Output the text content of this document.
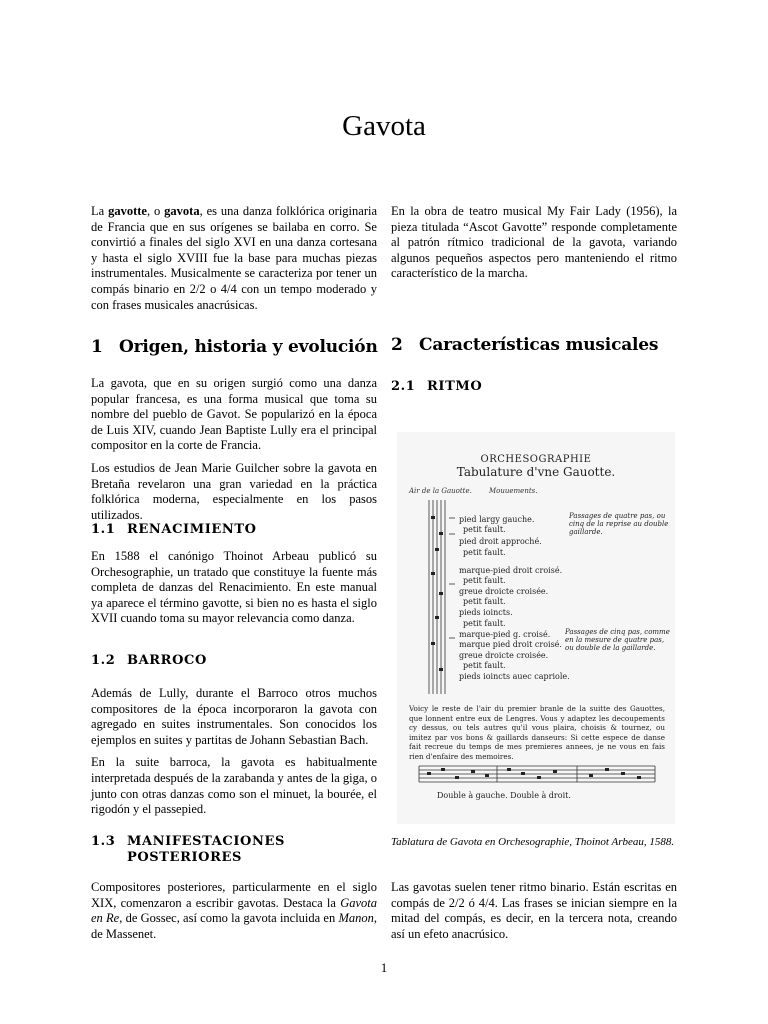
Gavota

La gavotte, o gavota, es una danza folklórica originaria de Francia que en sus orígenes se bailaba en corro. Se convirtió a finales del siglo XVI en una danza cortesana y hasta el siglo XVIII fue la base para muchas piezas instrumentales. Musicalmente se caracteriza por tener un compás binario en 2/2 o 4/4 con un tempo moderado y con frases musicales anacrúsicas.

En la obra de teatro musical My Fair Lady (1956), la pieza titulada “Ascot Gavotte” responde completamente al patrón rítmico tradicional de la gavota, variando algunos pequeños aspectos pero manteniendo el ritmo característico de la marcha.

1 Origen, historia y evolución

La gavota, que en su origen surgió como una danza popular francesa, es una forma musical que toma su nombre del pueblo de Gavot. Se popularizó en la época de Luis XIV, cuando Jean Baptiste Lully era el principal compositor en la corte de Francia.

Los estudios de Jean Marie Guilcher sobre la gavota en Bretaña revelaron una gran variedad en la práctica folklórica moderna, especialmente en los pasos utilizados.

1.1 RENACIMIENTO

En 1588 el canónigo Thoinot Arbeau publicó su Orchesographie, un tratado que constituye la fuente más completa de danzas del Renacimiento. En este manual ya aparece el término gavotte, si bien no es hasta el siglo XVII cuando toma su mayor relevancia como danza.

1.2 BARROCO

Además de Lully, durante el Barroco otros muchos compositores de la época incorporaron la gavota con agregado en suites instrumentales. Son conocidos los ejemplos en suites y partitas de Johann Sebastian Bach.

En la suite barroca, la gavota es habitualmente interpretada después de la zarabanda y antes de la giga, o junto con otras danzas como son el minuet, la bourée, el rigodón y el passepied.

1.3 MANIFESTACIONES POSTERIORES

Compositores posteriores, particularmente en el siglo XIX, comenzaron a escribir gavotas. Destaca la Gavota en Re, de Gossec, así como la gavota incluida en Manon, de Massenet.

2 Características musicales
2.1 RITMO
ORCHESOGRAPHIE
Tabulature d'vne Gauotte.
Air de la Gauotte. Mouuements.
pied largy gauche.
petit fault.
pied droit approché.
petit fault.
marque-pied droit croisé.
petit fault.
greue droicte croisée.
petit fault.
pieds ioincts.
petit fault.
marque-pied g. croisé.
marque pied droit croisé.
greue droicte croisée.
petit fault.
pieds ioincts auec capriole.
Passages de quatre pas, ou cinq de la reprise au double gaillarde.
Passages de cinq pas, comme en la mesure de quatre pas, ou double de la gaillarde.
Voicy le reste de l'air du premier branle de la suitte des Gauottes, que lonnent entre eux de Lengres. Vous y adaptez les decoupements cy dessus, ou tels autres qu'il vous plaira, choisis & tournez, ou imitez par vos bons & gaillards danseurs: Si cette espece de danse fait recreue du temps de mes premieres annees, je ne vous en fais rien d'enfaire des memoires.
Double à gauche. Double à droit.
Tablatura de Gavota en Orchesographie, Thoinot Arbeau, 1588.

Las gavotas suelen tener ritmo binario. Están escritas en compás de 2/2 ó 4/4. Las frases se inician siempre en la mitad del compás, es decir, en la tercera nota, creando así un efeto anacrúsico.

1
